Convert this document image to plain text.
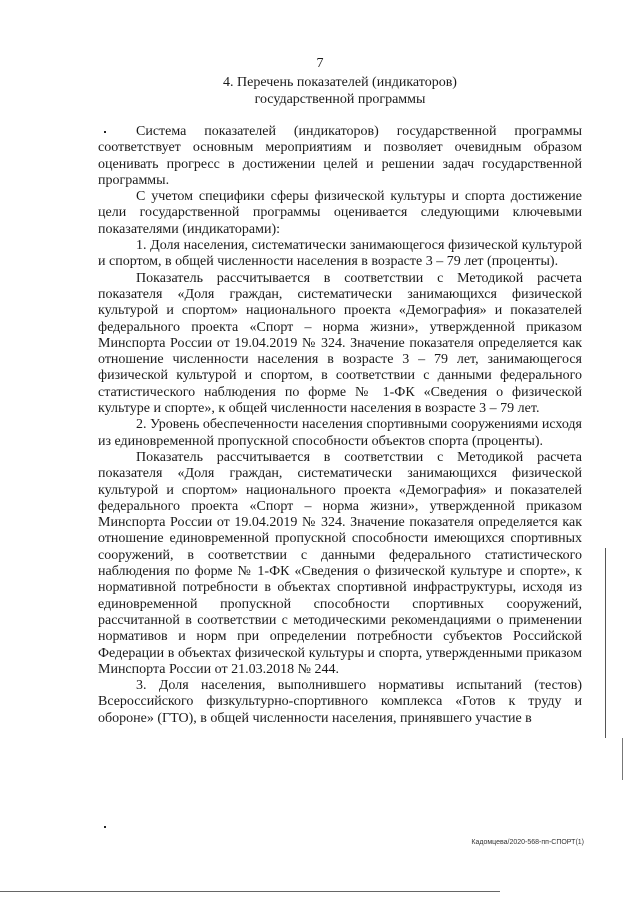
7
4. Перечень показателей (индикаторов)
государственной программы

Система показателей (индикаторов) государственной программы соответствует основным мероприятиям и позволяет очевидным образом оценивать прогресс в достижении целей и решении задач государственной программы.

С учетом специфики сферы физической культуры и спорта достижение цели государственной программы оценивается следующими ключевыми показателями (индикаторами):

1. Доля населения, систематически занимающегося физической культурой и спортом, в общей численности населения в возрасте 3 – 79 лет (проценты).

Показатель рассчитывается в соответствии с Методикой расчета показателя «Доля граждан, систематически занимающихся физической культурой и спортом» национального проекта «Демография» и показателей федерального проекта «Спорт – норма жизни», утвержденной приказом Минспорта России от 19.04.2019 № 324. Значение показателя определяется как отношение численности населения в возрасте 3 – 79 лет, занимающегося физической культурой и спортом, в соответствии с данными федерального статистического наблюдения по форме № 1-ФК «Сведения о физической культуре и спорте», к общей численности населения в возрасте 3 – 79 лет.

2. Уровень обеспеченности населения спортивными сооружениями исходя из единовременной пропускной способности объектов спорта (проценты).

Показатель рассчитывается в соответствии с Методикой расчета показателя «Доля граждан, систематически занимающихся физической культурой и спортом» национального проекта «Демография» и показателей федерального проекта «Спорт – норма жизни», утвержденной приказом Минспорта России от 19.04.2019 № 324. Значение показателя определяется как отношение единовременной пропускной способности имеющихся спортивных сооружений, в соответствии с данными федерального статистического наблюдения по форме № 1-ФК «Сведения о физической культуре и спорте», к нормативной потребности в объектах спортивной инфраструктуры, исходя из единовременной пропускной способности спортивных сооружений, рассчитанной в соответствии с методическими рекомендациями о применении нормативов и норм при определении потребности субъектов Российской Федерации в объектах физической культуры и спорта, утвержденными приказом Минспорта России от 21.03.2018 № 244.

3. Доля населения, выполнившего нормативы испытаний (тестов) Всероссийского физкультурно-спортивного комплекса «Готов к труду и обороне» (ГТО), в общей численности населения, принявшего участие в

Кадомцева/2020-568-пп-СПОРТ(1)
